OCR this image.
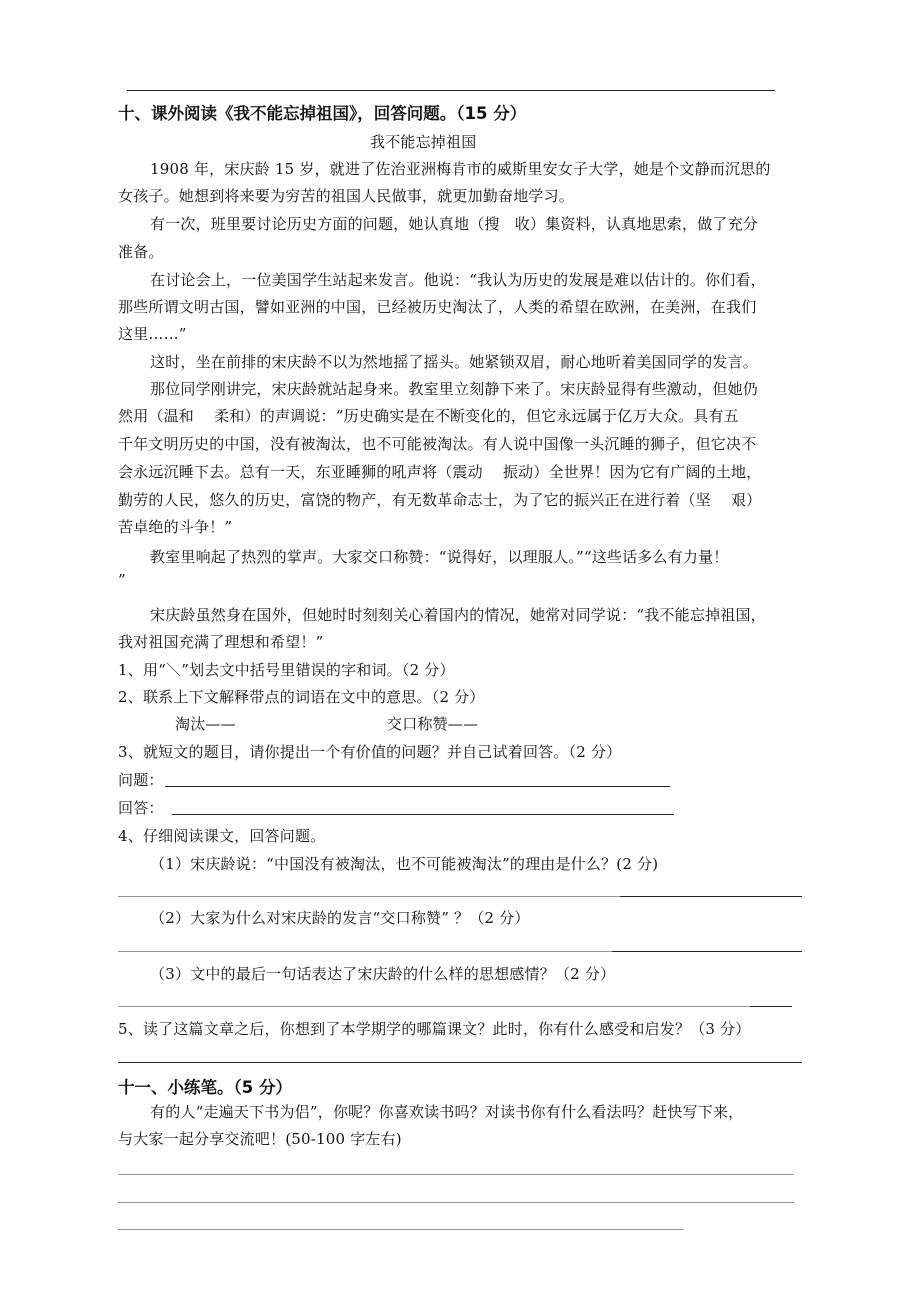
十、课外阅读《我不能忘掉祖国》，回答问题。（15 分）
我不能忘掉祖国
1908 年，宋庆龄 15 岁，就进了佐治亚洲梅肯市的威斯里安女子大学，她是个文静而沉思的
女孩子。她想到将来要为穷苦的祖国人民做事，就更加勤奋地学习。
有一次，班里要讨论历史方面的问题，她认真地（搜　收）集资料，认真地思索，做了充分
准备。
在讨论会上，一位美国学生站起来发言。他说：“我认为历史的发展是难以估计的。你们看，
那些所谓文明古国，譬如亚洲的中国，已经被历史淘汰了，人类的希望在欧洲，在美洲，在我们
这里……”
这时，坐在前排的宋庆龄不以为然地摇了摇头。她紧锁双眉，耐心地听着美国同学的发言。
那位同学刚讲完，宋庆龄就站起身来。教室里立刻静下来了。宋庆龄显得有些激动，但她仍
然用（温和　 柔和）的声调说：“历史确实是在不断变化的，但它永远属于亿万大众。具有五
千年文明历史的中国，没有被淘汰，也不可能被淘汰。有人说中国像一头沉睡的狮子，但它决不
会永远沉睡下去。总有一天，东亚睡狮的吼声将（震动　 振动）全世界！因为它有广阔的土地，
勤劳的人民，悠久的历史，富饶的物产，有无数革命志士，为了它的振兴正在进行着（坚　 艰）
苦卓绝的斗争！”
教室里响起了热烈的掌声。大家交口称赞：“说得好，以理服人。”“这些话多么有力量！
”
宋庆龄虽然身在国外，但她时时刻刻关心着国内的情况，她常对同学说：“我不能忘掉祖国，
我对祖国充满了理想和希望！”
1、用“＼”划去文中括号里错误的字和词。（2 分）
2、联系上下文解释带点的词语在文中的意思。（2 分）
淘汰——	交口称赞——
3、就短文的题目，请你提出一个有价值的问题？并自己试着回答。（2 分）
问题：
回答：
4、仔细阅读课文，回答问题。
（1）宋庆龄说：“中国没有被淘汰，也不可能被淘汰”的理由是什么？(2 分)
（2）大家为什么对宋庆龄的发言“交口称赞” ？（2 分）
（3）文中的最后一句话表达了宋庆龄的什么样的思想感情？（2 分）
5、读了这篇文章之后，你想到了本学期学的哪篇课文？此时，你有什么感受和启发？（3 分）
十一、小练笔。（5 分）
有的人“走遍天下书为侣”，你呢？你喜欢读书吗？对读书你有什么看法吗？赶快写下来，
与大家一起分享交流吧！(50-100 字左右)
